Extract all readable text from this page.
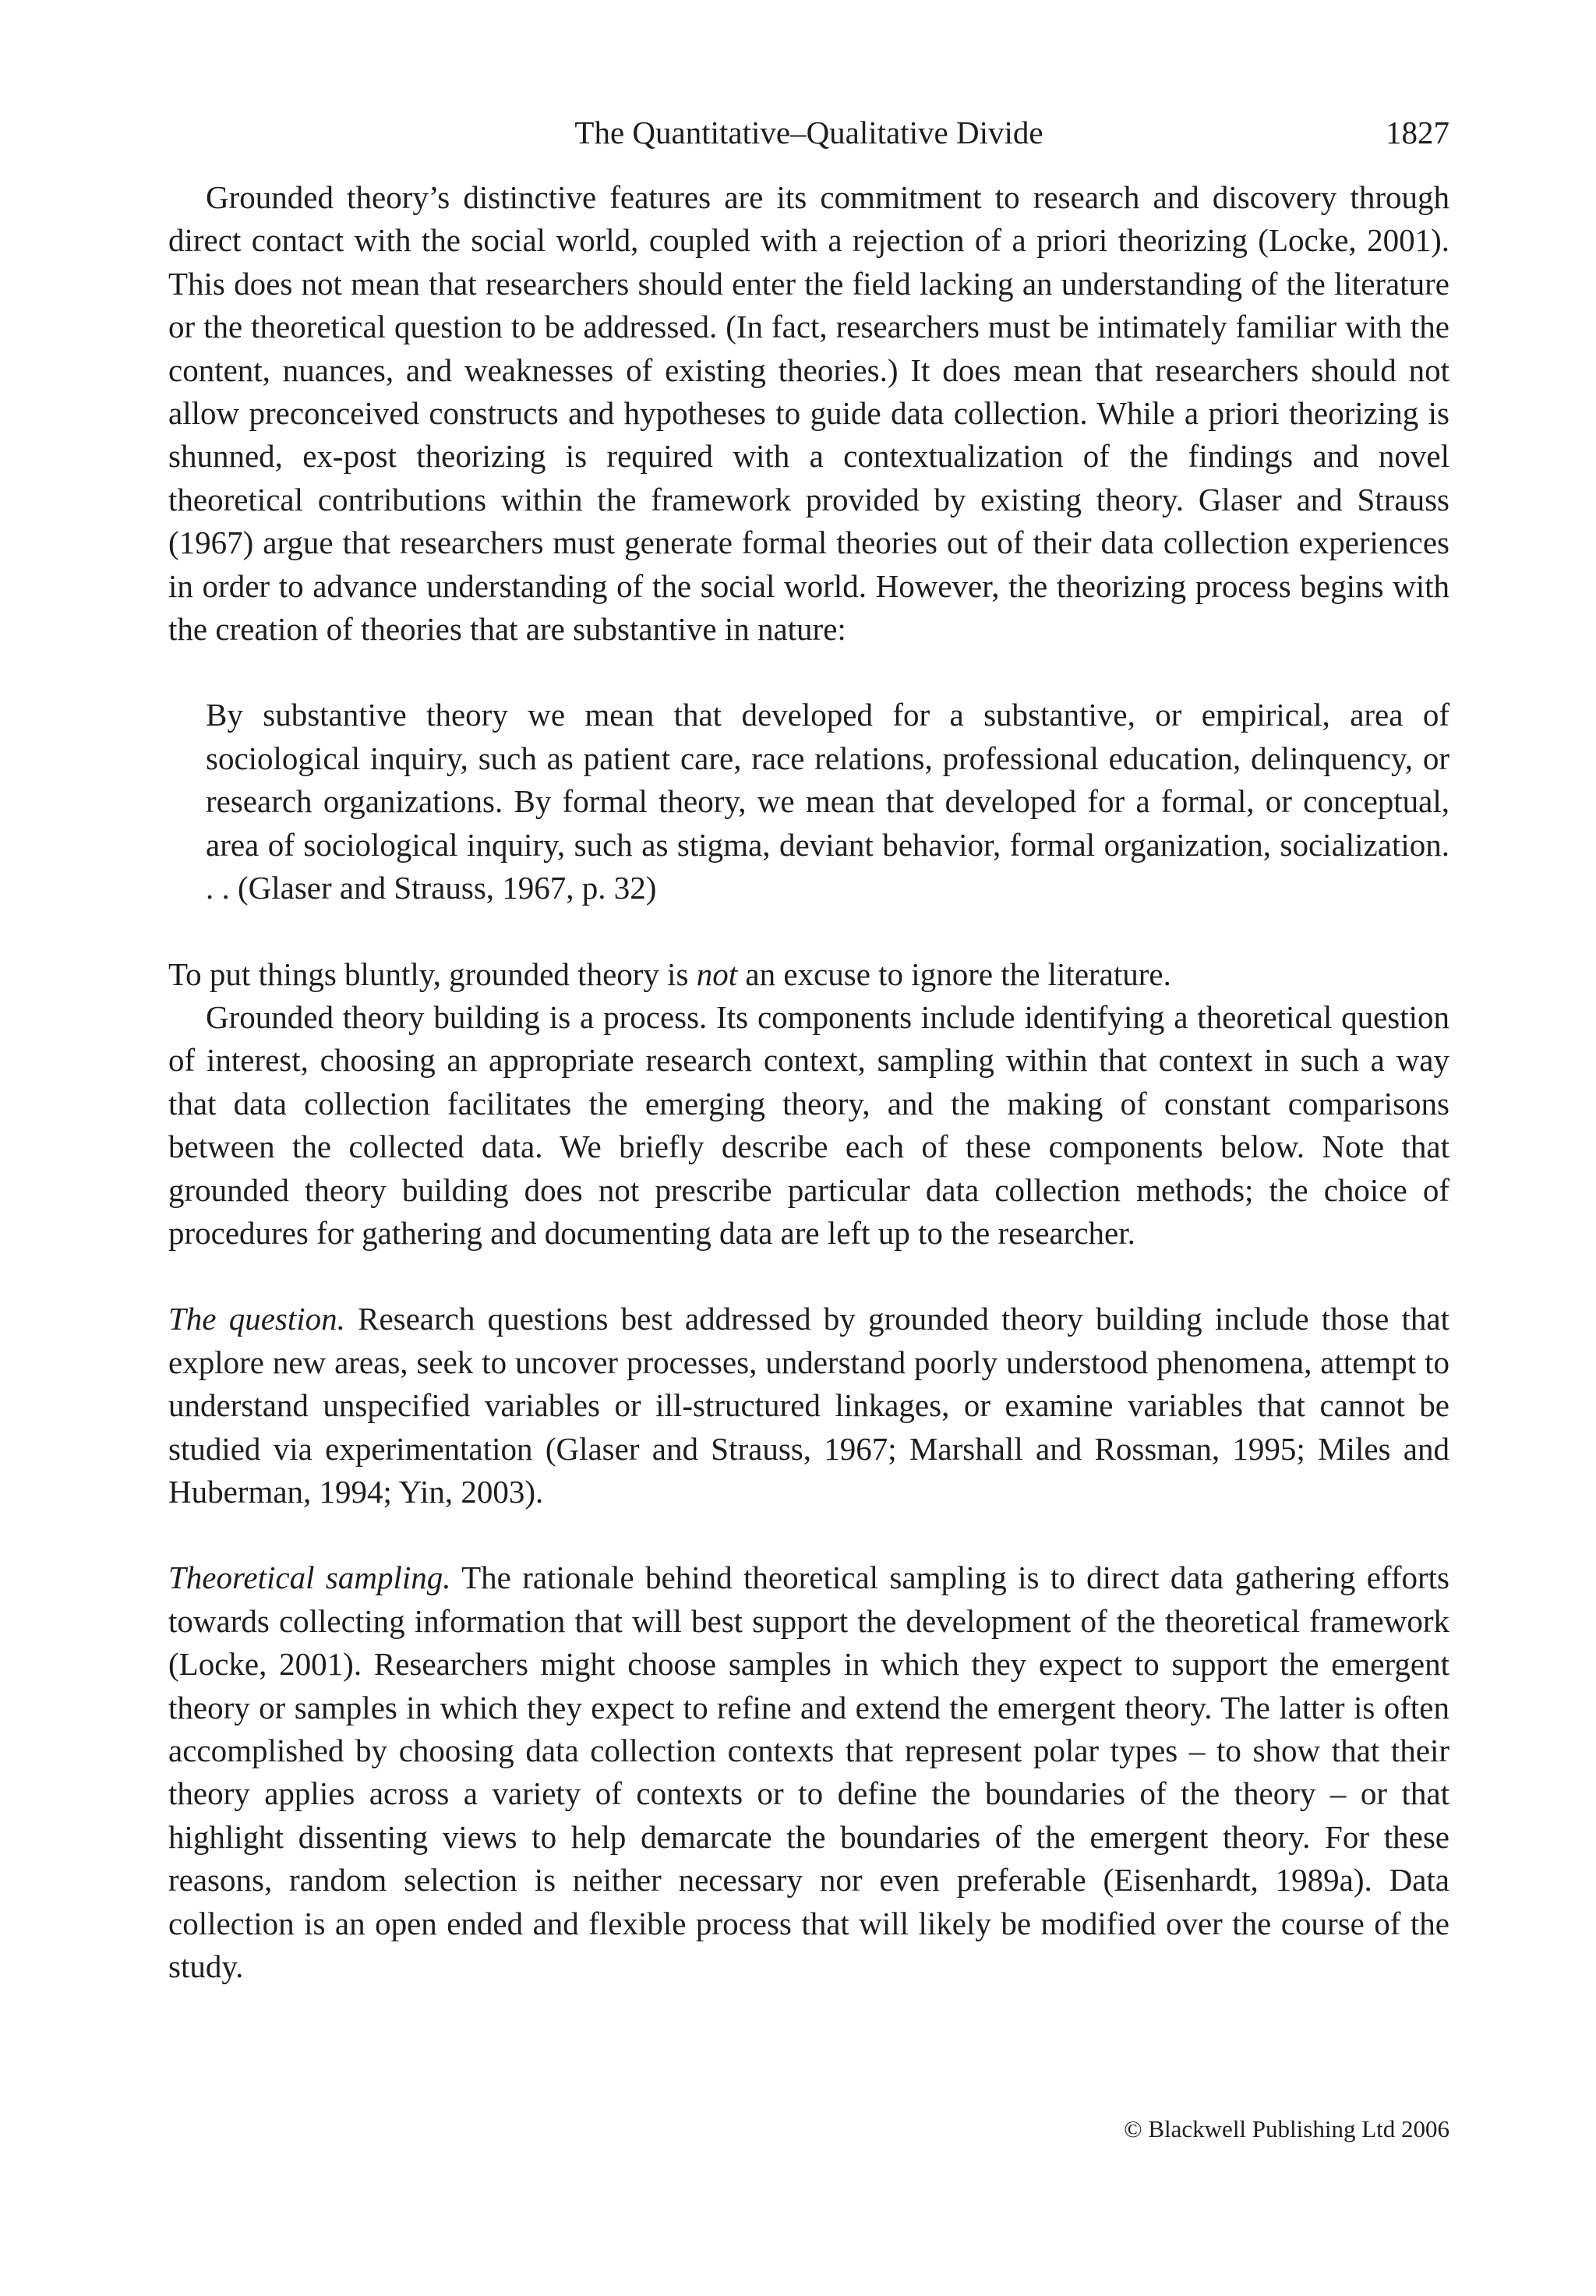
The Quantitative–Qualitative Divide	1827

Grounded theory’s distinctive features are its commitment to research and discovery through direct contact with the social world, coupled with a rejection of a priori theorizing (Locke, 2001). This does not mean that researchers should enter the field lacking an understanding of the literature or the theoretical question to be addressed. (In fact, researchers must be intimately familiar with the content, nuances, and weaknesses of existing theories.) It does mean that researchers should not allow preconceived constructs and hypotheses to guide data collection. While a priori theorizing is shunned, ex-post theorizing is required with a contextualization of the findings and novel theoretical contributions within the framework provided by existing theory. Glaser and Strauss (1967) argue that researchers must generate formal theories out of their data collection experiences in order to advance understanding of the social world. However, the theorizing process begins with the creation of theories that are substantive in nature:

By substantive theory we mean that developed for a substantive, or empirical, area of sociological inquiry, such as patient care, race relations, professional education, delinquency, or research organizations. By formal theory, we mean that developed for a formal, or conceptual, area of sociological inquiry, such as stigma, deviant behavior, formal organization, socialization. . . (Glaser and Strauss, 1967, p. 32)

To put things bluntly, grounded theory is not an excuse to ignore the literature.

Grounded theory building is a process. Its components include identifying a theoretical question of interest, choosing an appropriate research context, sampling within that context in such a way that data collection facilitates the emerging theory, and the making of constant comparisons between the collected data. We briefly describe each of these components below. Note that grounded theory building does not prescribe particular data collection methods; the choice of procedures for gathering and documenting data are left up to the researcher.

The question. Research questions best addressed by grounded theory building include those that explore new areas, seek to uncover processes, understand poorly understood phenomena, attempt to understand unspecified variables or ill-structured linkages, or examine variables that cannot be studied via experimentation (Glaser and Strauss, 1967; Marshall and Rossman, 1995; Miles and Huberman, 1994; Yin, 2003).

Theoretical sampling. The rationale behind theoretical sampling is to direct data gathering efforts towards collecting information that will best support the development of the theoretical framework (Locke, 2001). Researchers might choose samples in which they expect to support the emergent theory or samples in which they expect to refine and extend the emergent theory. The latter is often accomplished by choosing data collection contexts that represent polar types – to show that their theory applies across a variety of contexts or to define the boundaries of the theory – or that highlight dissenting views to help demarcate the boundaries of the emergent theory. For these reasons, random selection is neither necessary nor even preferable (Eisenhardt, 1989a). Data collection is an open ended and flexible process that will likely be modified over the course of the study.

© Blackwell Publishing Ltd 2006
